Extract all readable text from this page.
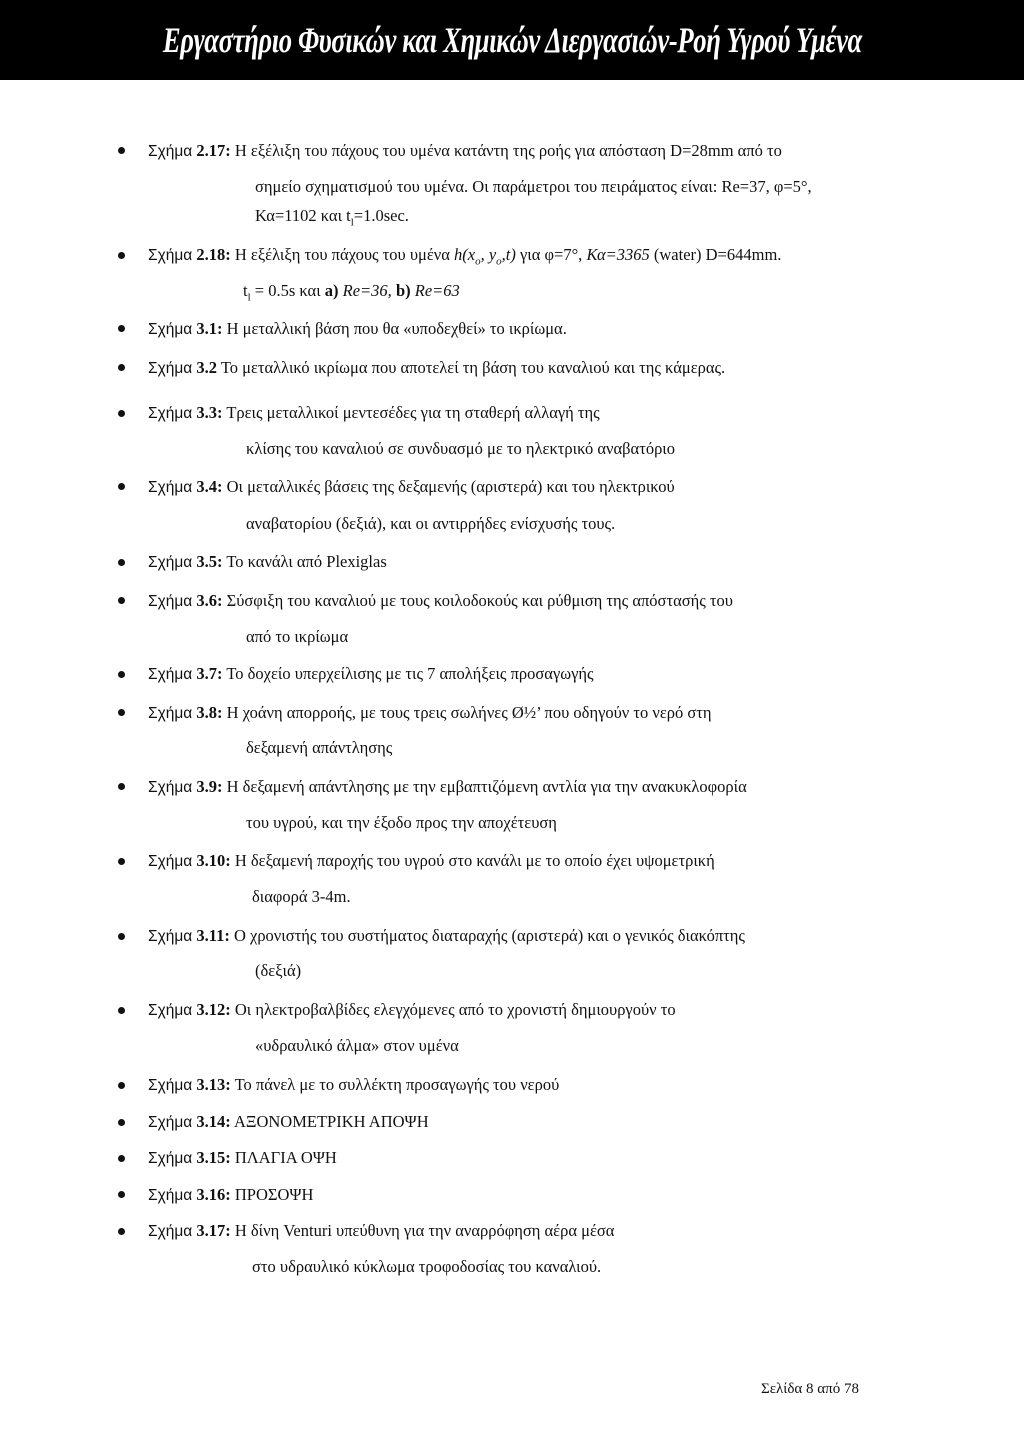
Εργαστήριο Φυσικών και Χημικών Διεργασιών-Ροή Υγρού Υμένα
Σχήμα 2.17: Η εξέλιξη του πάχους του υμένα κατάντη της ροής για απόσταση D=28mm από το
σημείο σχηματισμού του υμένα. Οι παράμετροι του πειράματος είναι: Re=37, φ=5°,
Κα=1102 και $t_l=1.0\sec$.
Σχήμα 2.18: Η εξέλιξη του πάχους του υμένα $h(x_o$, $y_o,t$) για φ=7°, Κα=3365 (water) D=644mm.
$t_l = 0.5s$ και a) Re=36, b) Re=63
Σχήμα 3.1: Η μεταλλική βάση που θα «υποδεχθεί» το ικρίωμα.
Σχήμα 3.2 Το μεταλλικό ικρίωμα που αποτελεί τη βάση του καναλιού και της κάμερας.
Σχήμα 3.3: Τρεις μεταλλικοί μεντεσέδες για τη σταθερή αλλαγή της
κλίσης του καναλιού σε συνδυασμό με το ηλεκτρικό αναβατόριο
Σχήμα 3.4: Οι μεταλλικές βάσεις της δεξαμενής (αριστερά) και του ηλεκτρικού
αναβατορίου (δεξιά), και οι αντιρρήδες ενίσχυσής τους.
Σχήμα 3.5: Το κανάλι από Plexiglas
Σχήμα 3.6: Σύσφιξη του καναλιού με τους κοιλοδοκούς και ρύθμιση της απόστασής του
από το ικρίωμα
Σχήμα 3.7: Το δοχείο υπερχείλισης με τις 7 απολήξεις προσαγωγής
Σχήμα 3.8: Η χοάνη απορροής, με τους τρεις σωλήνες Ø½’ που οδηγούν το νερό στη
δεξαμενή απάντλησης
Σχήμα 3.9: Η δεξαμενή απάντλησης με την εμβαπτιζόμενη αντλία για την ανακυκλοφορία
του υγρού, και την έξοδο προς την αποχέτευση
Σχήμα 3.10: Η δεξαμενή παροχής του υγρού στο κανάλι με το οποίο έχει υψομετρική
διαφορά 3-4m.
Σχήμα 3.11: Ο χρονιστής του συστήματος διαταραχής (αριστερά) και ο γενικός διακόπτης
(δεξιά)
Σχήμα 3.12: Οι ηλεκτροβαλβίδες ελεγχόμενες από το χρονιστή δημιουργούν το
«υδραυλικό άλμα» στον υμένα
Σχήμα 3.13: Το πάνελ με το συλλέκτη προσαγωγής του νερού
Σχήμα 3.14: ΑΞΟΝΟΜΕΤΡΙΚΗ ΑΠΟΨΗ
Σχήμα 3.15: ΠΛΑΓΙΑ ΟΨΗ
Σχήμα 3.16: ΠΡΟΣΟΨΗ
Σχήμα 3.17: Η δίνη Venturi υπεύθυνη για την αναρρόφηση αέρα μέσα
στο υδραυλικό κύκλωμα τροφοδοσίας του καναλιού.
Σελίδα 8 από 78
